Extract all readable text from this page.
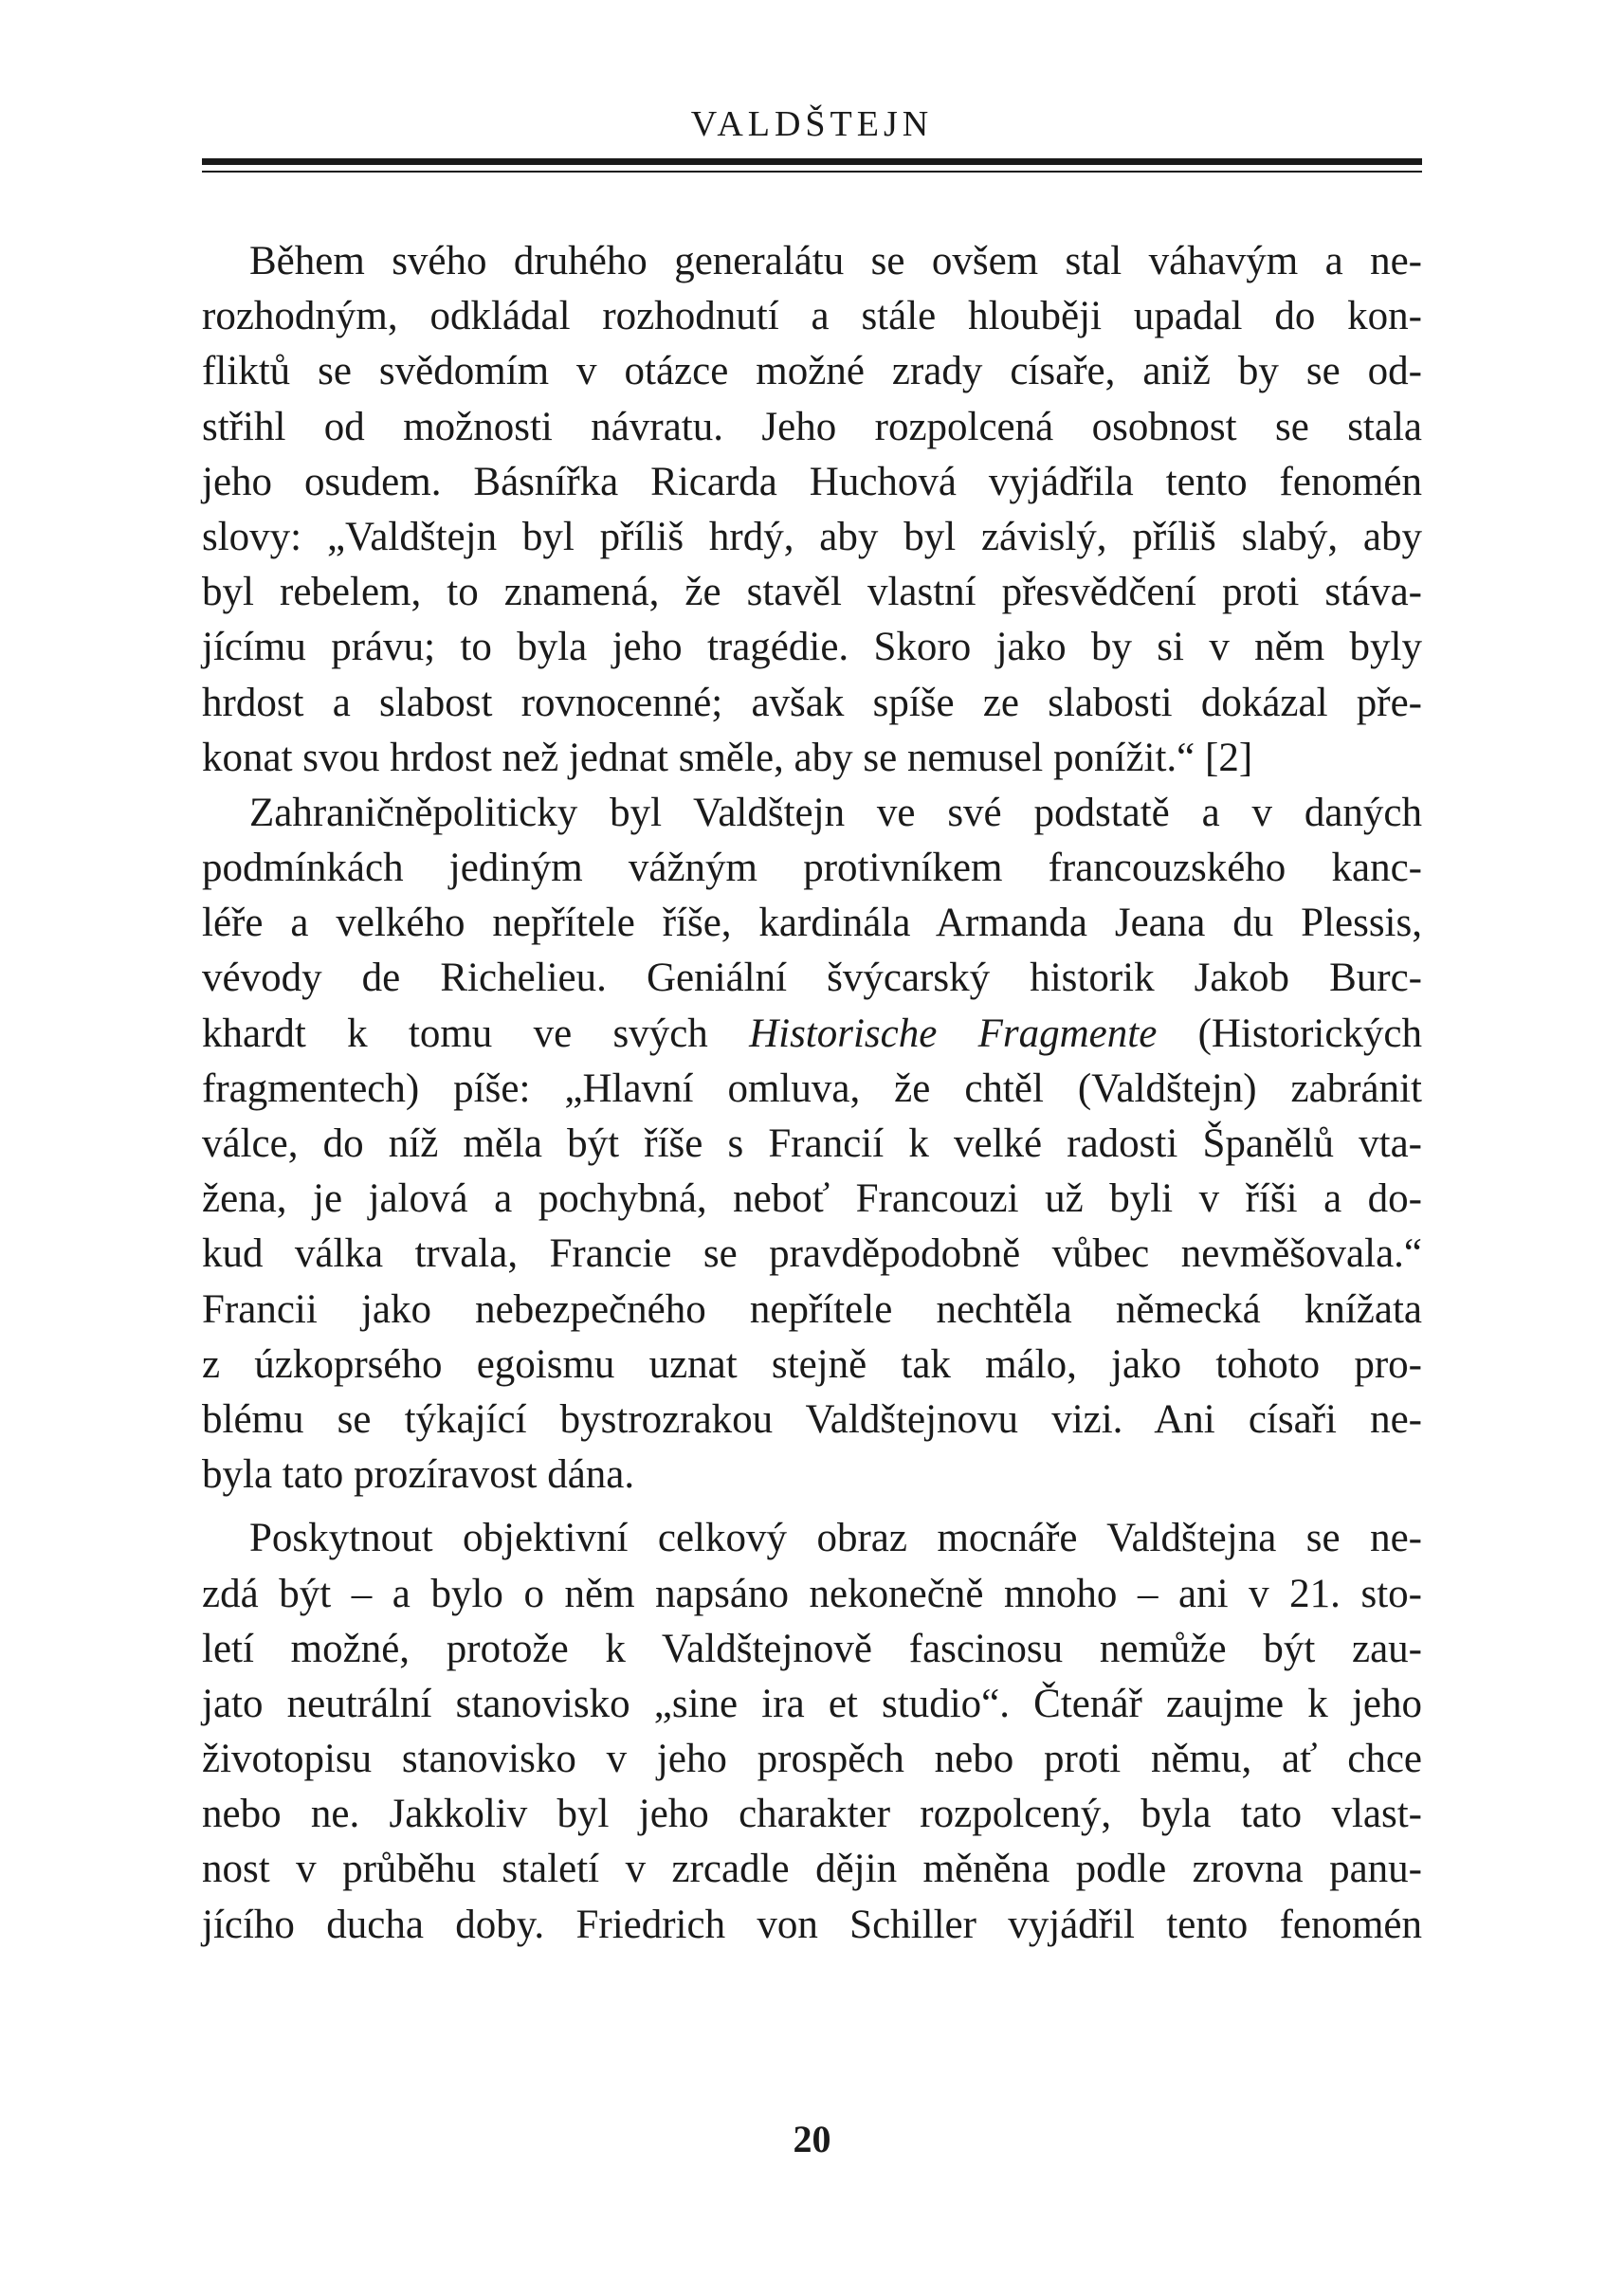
VALDŠTEJN
Během svého druhého generalátu se ovšem stal váhavým a ne-
rozhodným, odkládal rozhodnutí a stále hlouběji upadal do kon-
fliktů se svědomím v otázce možné zrady císaře, aniž by se od-
střihl od možnosti návratu. Jeho rozpolcená osobnost se stala
jeho osudem. Básnířka Ricarda Huchová vyjádřila tento fenomén
slovy: „Valdštejn byl příliš hrdý, aby byl závislý, příliš slabý, aby
byl rebelem, to znamená, že stavěl vlastní přesvědčení proti stáva-
jícímu právu; to byla jeho tragédie. Skoro jako by si v něm byly
hrdost a slabost rovnocenné; avšak spíše ze slabosti dokázal pře-
konat svou hrdost než jednat směle, aby se nemusel ponížit.“ [2]
Zahraničněpoliticky byl Valdštejn ve své podstatě a v daných
podmínkách jediným vážným protivníkem francouzského kanc-
léře a velkého nepřítele říše, kardinála Armanda Jeana du Plessis,
vévody de Richelieu. Geniální švýcarský historik Jakob Burc-
khardt k tomu ve svých Historische Fragmente (Historických
fragmentech) píše: „Hlavní omluva, že chtěl (Valdštejn) zabránit
válce, do níž měla být říše s Francií k velké radosti Španělů vta-
žena, je jalová a pochybná, neboť Francouzi už byli v říši a do-
kud válka trvala, Francie se pravděpodobně vůbec nevměšovala.“
Francii jako nebezpečného nepřítele nechtěla německá knížata
z úzkoprsého egoismu uznat stejně tak málo, jako tohoto pro-
blému se týkající bystrozrakou Valdštejnovu vizi. Ani císaři ne-
byla tato prozíravost dána.
Poskytnout objektivní celkový obraz mocnáře Valdštejna se ne-
zdá být – a bylo o něm napsáno nekonečně mnoho – ani v 21. sto-
letí možné, protože k Valdštejnově fascinosu nemůže být zau-
jato neutrální stanovisko „sine ira et studio“. Čtenář zaujme k jeho
životopisu stanovisko v jeho prospěch nebo proti němu, ať chce
nebo ne. Jakkoliv byl jeho charakter rozpolcený, byla tato vlast-
nost v průběhu staletí v zrcadle dějin měněna podle zrovna panu-
jícího ducha doby. Friedrich von Schiller vyjádřil tento fenomén
20
